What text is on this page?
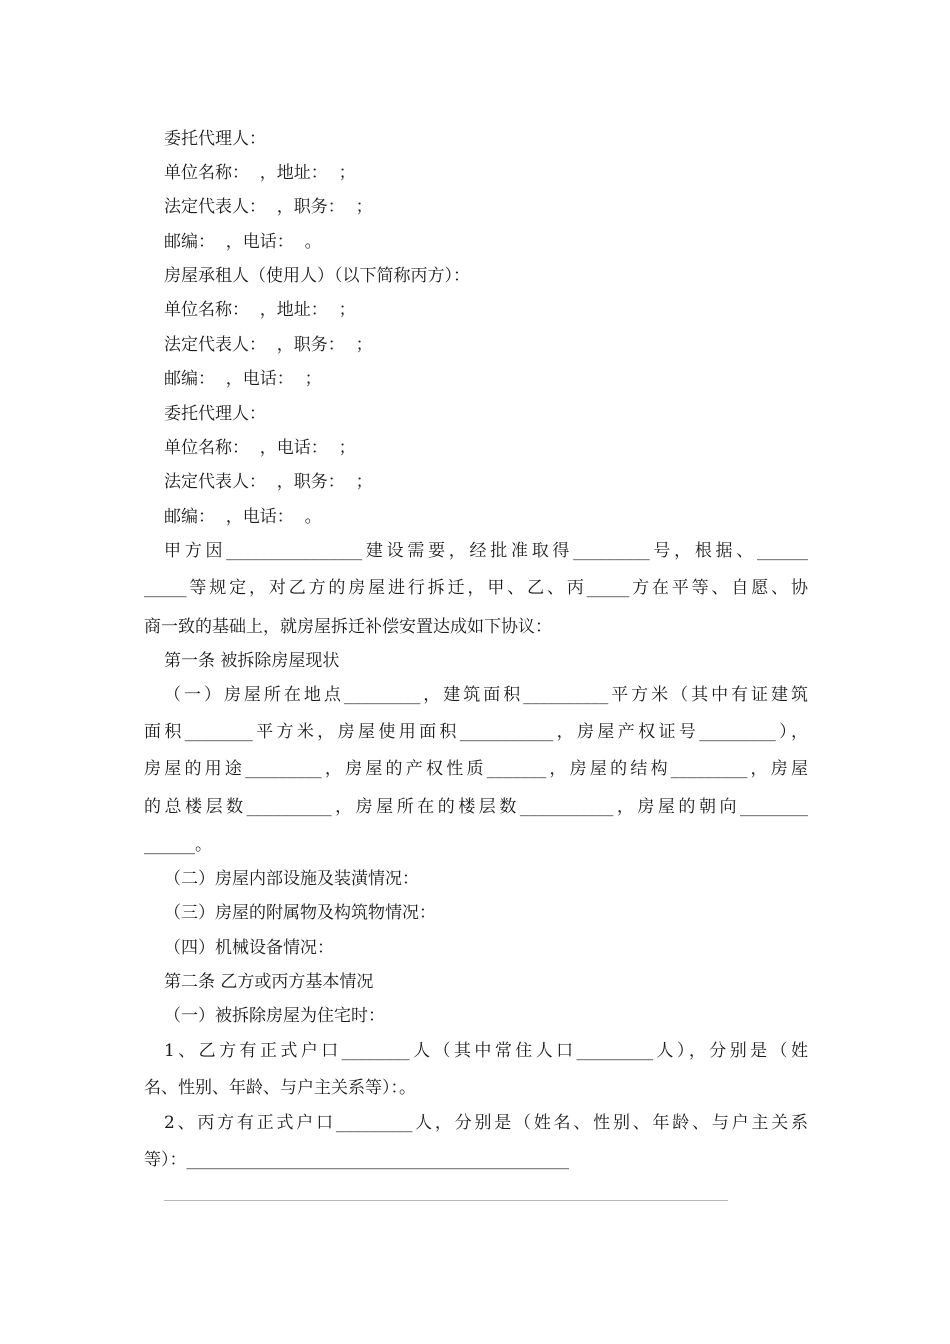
委托代理人：

单位名称：  ，地址：  ；

法定代表人：  ，职务：  ；

邮编：  ，电话：  。

房屋承租人（使用人）（以下简称丙方）：

单位名称：  ，地址：  ；

法定代表人：  ，职务：  ；

邮编：  ，电话：  ；

委托代理人：

单位名称：  ，电话：  ；

法定代表人：  ，职务：  ；

邮编：  ，电话：  。

甲方因________________建设需要，经批准取得_________号，根据、______

_____等规定，对乙方的房屋进行拆迁，甲、乙、丙_____方在平等、自愿、协

商一致的基础上，就房屋拆迁补偿安置达成如下协议：

第一条 被拆除房屋现状

（一）房屋所在地点_________，建筑面积__________平方米（其中有证建筑

面积________平方米，房屋使用面积___________，房屋产权证号_________），

房屋的用途_________，房屋的产权性质_______，房屋的结构_________，房屋

的总楼层数__________，房屋所在的楼层数___________，房屋的朝向________

______。

（二）房屋内部设施及装潢情况：

（三）房屋的附属物及构筑物情况：

（四）机械设备情况：

第二条 乙方或丙方基本情况

（一）被拆除房屋为住宅时：

1、乙方有正式户口________人（其中常住人口_________人），分别是（姓

名、性别、年龄、与户主关系等）：。

2、丙方有正式户口_________人，分别是（姓名、性别、年龄、与户主关系

等）：_____________________________________________
